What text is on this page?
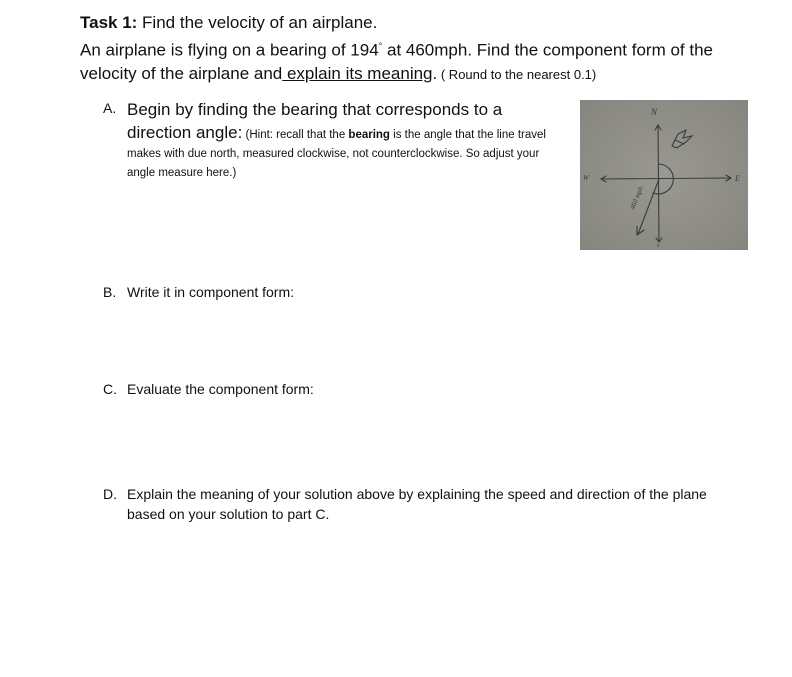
Task 1: Find the velocity of an airplane.
An airplane is flying on a bearing of 194° at 460mph. Find the component form of the velocity of the airplane and explain its meaning. ( Round to the nearest 0.1)
A. Begin by finding the bearing that corresponds to a direction angle: (Hint: recall that the bearing is the angle that the line travel makes with due north, measured clockwise, not counterclockwise. So adjust your angle measure here.)
B. Write it in component form:
C. Evaluate the component form:
D. Explain the meaning of your solution above by explaining the speed and direction of the plane based on your solution to part C.
N
s
E
W
460 mph
